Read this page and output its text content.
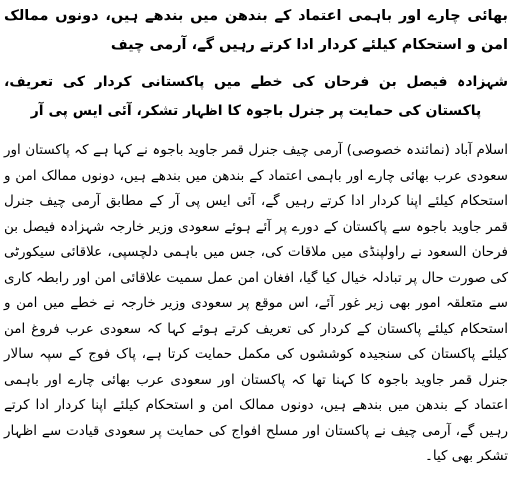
بھائی چارے اور باہمی اعتماد کے بندھن میں بندھے ہیں، دونوں ممالک امن و استحکام کیلئے کردار ادا کرتے رہیں گے، آرمی چیف

شہزادہ فیصل بن فرحان کی خطے میں پاکستانی کردار کی تعریف، پاکستان کی حمایت پر جنرل باجوہ کا اظہار تشکر، آئی ایس پی آر

اسلام آباد (نمائندہ خصوصی) آرمی چیف جنرل قمر جاوید باجوہ نے کہا ہے کہ پاکستان اور سعودی عرب بھائی چارے اور باہمی اعتماد کے بندھن میں بندھے ہیں، دونوں ممالک امن و استحکام کیلئے اپنا کردار ادا کرتے رہیں گے، آئی ایس پی آر کے مطابق آرمی چیف جنرل قمر جاوید باجوہ سے پاکستان کے دورے پر آئے ہوئے سعودی وزیر خارجہ شہزادہ فیصل بن فرحان السعود نے راولپنڈی میں ملاقات کی، جس میں باہمی دلچسپی، علاقائی سیکورٹی کی صورت حال پر تبادلہ خیال کیا گیا، افغان امن عمل سمیت علاقائی امن اور رابطہ کاری سے متعلقہ امور بھی زیر غور آئے، اس موقع پر سعودی وزیر خارجہ نے خطے میں امن و استحکام کیلئے پاکستان کے کردار کی تعریف کرتے ہوئے کہا کہ سعودی عرب فروغ امن کیلئے پاکستان کی سنجیدہ کوششوں کی مکمل حمایت کرتا ہے، پاک فوج کے سپہ سالار جنرل قمر جاوید باجوہ کا کہنا تھا کہ پاکستان اور سعودی عرب بھائی چارے اور باہمی اعتماد کے بندھن میں بندھے ہیں، دونوں ممالک امن و استحکام کیلئے اپنا کردار ادا کرتے رہیں گے، آرمی چیف نے پاکستان اور مسلح افواج کی حمایت پر سعودی قیادت سے اظہار تشکر بھی کیا۔
